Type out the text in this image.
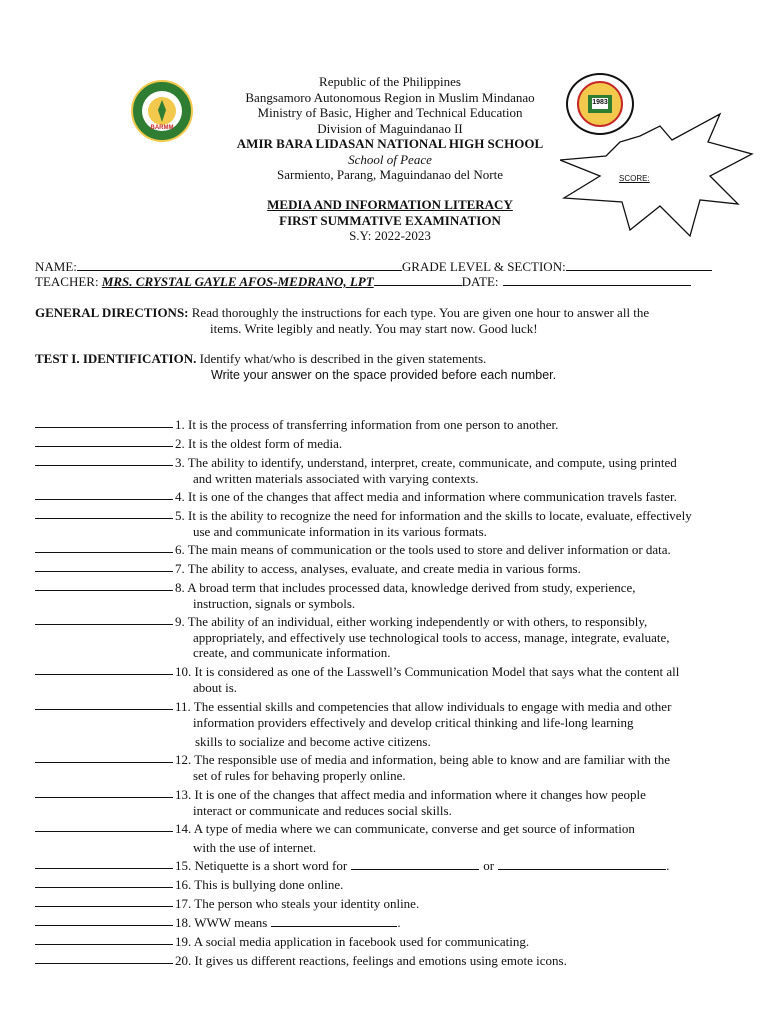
BARMM
1983
SCORE:
Republic of the Philippines
Bangsamoro Autonomous Region in Muslim Mindanao
Ministry of Basic, Higher and Technical Education
Division of Maguindanao II
AMIR BARA LIDASAN NATIONAL HIGH SCHOOL
School of Peace
Sarmiento, Parang, Maguindanao del Norte
MEDIA AND INFORMATION LITERACY
FIRST SUMMATIVE EXAMINATION
S.Y: 2022-2023
NAME:	GRADE LEVEL & SECTION:
TEACHER: MRS. CRYSTAL GAYLE AFOS-MEDRANO, LPT	DATE:
GENERAL DIRECTIONS: Read thoroughly the instructions for each type. You are given one hour to answer all the
items. Write legibly and neatly. You may start now. Good luck!
TEST I. IDENTIFICATION. Identify what/who is described in the given statements.
Write your answer on the space provided before each number.
1. It is the process of transferring information from one person to another.
2. It is the oldest form of media.
3. The ability to identify, understand, interpret, create, communicate, and compute, using printed
and written materials associated with varying contexts.
4. It is one of the changes that affect media and information where communication travels faster.
5. It is the ability to recognize the need for information and the skills to locate, evaluate, effectively
use and communicate information in its various formats.
6. The main means of communication or the tools used to store and deliver information or data.
7. The ability to access, analyses, evaluate, and create media in various forms.
8. A broad term that includes processed data, knowledge derived from study, experience,
instruction, signals or symbols.
9. The ability of an individual, either working independently or with others, to responsibly,
appropriately, and effectively use technological tools to access, manage, integrate, evaluate,
create, and communicate information.
10. It is considered as one of the Lasswell’s Communication Model that says what the content all
about is.
11. The essential skills and competencies that allow individuals to engage with media and other
information providers effectively and develop critical thinking and life-long learning
skills to socialize and become active citizens.
12. The responsible use of media and information, being able to know and are familiar with the
set of rules for behaving properly online.
13. It is one of the changes that affect media and information where it changes how people
interact or communicate and reduces social skills.
14. A type of media where we can communicate, converse and get source of information
with the use of internet.
15. Netiquette is a short word for	or	.
16. This is bullying done online.
17. The person who steals your identity online.
18. WWW means	.
19. A social media application in facebook used for communicating.
20. It gives us different reactions, feelings and emotions using emote icons.
